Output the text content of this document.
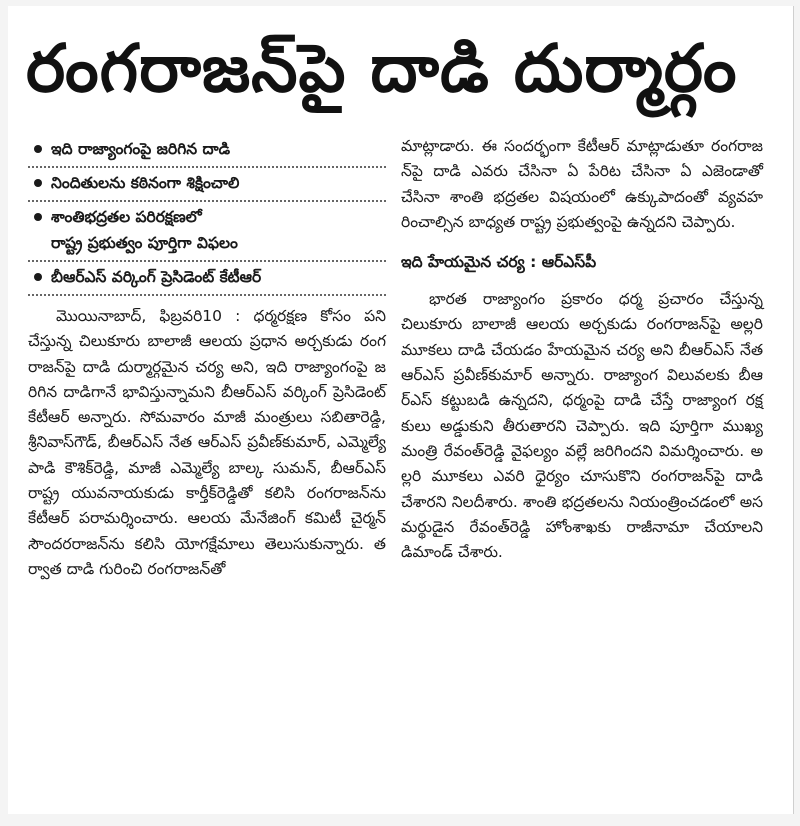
రంగరాజన్‌పై దాడి దుర్మార్గం
ఇది రాజ్యాంగంపై జరిగిన దాడి
నిందితులను కఠినంగా శిక్షించాలి
శాంతిభద్రతల పరిరక్షణలో
రాష్ట్ర ప్రభుత్వం పూర్తిగా విఫలం
బీఆర్‌ఎస్ వర్కింగ్ ప్రెసిడెంట్ కేటీఆర్

మొయినాబాద్, ఫిబ్రవరి10 : ధర్మరక్షణ కోసం పని చేస్తున్న చిలుకూరు బాలాజీ ఆలయ ప్రధాన అర్చకుడు రంగరాజన్‌పై దాడి దుర్మార్గమైన చర్య అని, ఇది రాజ్యాంగంపై జరిగిన దాడిగానే భావిస్తున్నామని బీఆర్‌ఎస్ వర్కింగ్ ప్రెసిడెంట్ కేటీఆర్ అన్నారు. సోమవారం మాజీ మంత్రులు సబితారెడ్డి, శ్రీనివాస్‌గౌడ్, బీఆర్‌ఎస్ నేత ఆర్‌ఎస్ ప్రవీణ్‌కుమార్, ఎమ్మెల్యే పాడి కౌశిక్‌రెడ్డి, మాజీ ఎమ్మెల్యే బాల్క సుమన్, బీఆర్‌ఎస్ రాష్ట్ర యువనాయకుడు కార్తీక్‌రెడ్డితో కలిసి రంగరాజన్‌ను కేటీఆర్ పరామర్శించారు. ఆలయ మేనేజింగ్ కమిటీ చైర్మన్ సౌందరరాజన్‌ను కలిసి యోగక్షేమాలు తెలుసుకున్నారు. తర్వాత దాడి గురించి రంగరాజన్‌తో

మాట్లాడారు. ఈ సందర్భంగా కేటీఆర్ మాట్లాడుతూ రంగరాజన్‌పై దాడి ఎవరు చేసినా ఏ పేరిట చేసినా ఏ ఎజెండాతో చేసినా శాంతి భద్రతల విషయంలో ఉక్కుపాదంతో వ్యవహరించాల్సిన బాధ్యత రాష్ట్ర ప్రభుత్వంపై ఉన్నదని చెప్పారు.

ఇది హేయమైన చర్య : ఆర్‌ఎస్‌పీ

భారత రాజ్యాంగం ప్రకారం ధర్మ ప్రచారం చేస్తున్న చిలుకూరు బాలాజీ ఆలయ అర్చకుడు రంగరాజన్‌పై అల్లరి మూకలు దాడి చేయడం హేయమైన చర్య అని బీఆర్‌ఎస్ నేత ఆర్‌ఎస్ ప్రవీణ్‌కుమార్ అన్నారు. రాజ్యాంగ విలువలకు బీఆర్‌ఎస్ కట్టుబడి ఉన్నదని, ధర్మంపై దాడి చేస్తే రాజ్యాంగ రక్షకులు అడ్డుకుని తీరుతారని చెప్పారు. ఇది పూర్తిగా ముఖ్యమంత్రి రేవంత్‌రెడ్డి వైఫల్యం వల్లే జరిగిందని విమర్శించారు. అల్లరి మూకలు ఎవరి ధైర్యం చూసుకొని రంగరాజన్‌పై దాడి చేశారని నిలదీశారు. శాంతి భద్రతలను నియంత్రించడంలో అసమర్థుడైన రేవంత్‌రెడ్డి హోంశాఖకు రాజీనామా చేయాలని డిమాండ్ చేశారు.
